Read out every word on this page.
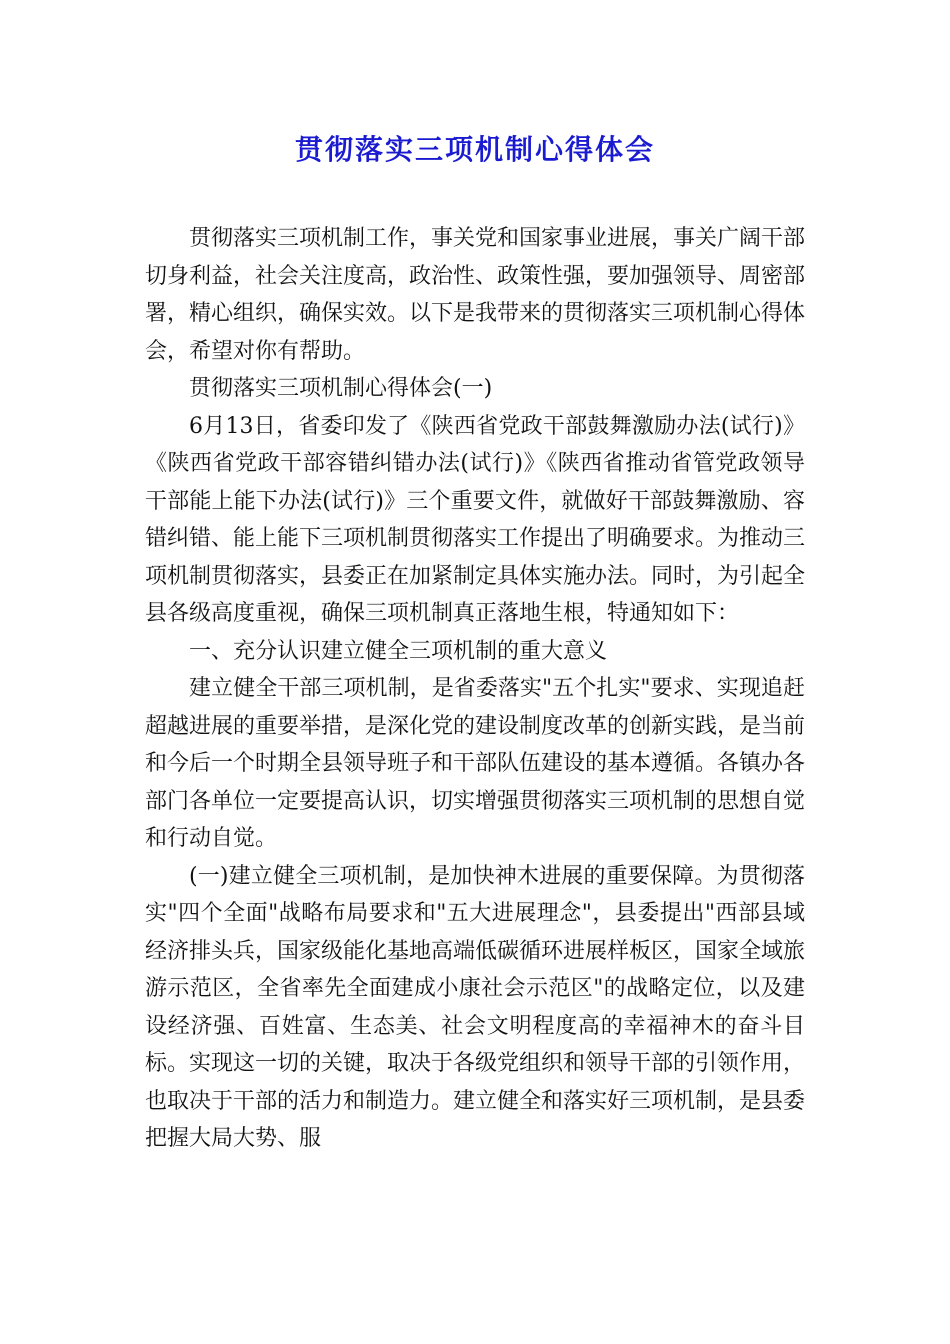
贯彻落实三项机制心得体会

贯彻落实三项机制工作，事关党和国家事业进展，事关广阔干部切身利益，社会关注度高，政治性、政策性强，要加强领导、周密部署，精心组织，确保实效。以下是我带来的贯彻落实三项机制心得体会，希望对你有帮助。

贯彻落实三项机制心得体会(一)

6月13日，省委印发了《陕西省党政干部鼓舞激励办法(试行)》《陕西省党政干部容错纠错办法(试行)》《陕西省推动省管党政领导干部能上能下办法(试行)》三个重要文件，就做好干部鼓舞激励、容错纠错、能上能下三项机制贯彻落实工作提出了明确要求。为推动三项机制贯彻落实，县委正在加紧制定具体实施办法。同时，为引起全县各级高度重视，确保三项机制真正落地生根，特通知如下：

一、充分认识建立健全三项机制的重大意义

建立健全干部三项机制，是省委落实"五个扎实"要求、实现追赶超越进展的重要举措，是深化党的建设制度改革的创新实践，是当前和今后一个时期全县领导班子和干部队伍建设的基本遵循。各镇办各部门各单位一定要提高认识，切实增强贯彻落实三项机制的思想自觉和行动自觉。

(一)建立健全三项机制，是加快神木进展的重要保障。为贯彻落实"四个全面"战略布局要求和"五大进展理念"，县委提出"西部县域经济排头兵，国家级能化基地高端低碳循环进展样板区，国家全域旅游示范区，全省率先全面建成小康社会示范区"的战略定位，以及建设经济强、百姓富、生态美、社会文明程度高的幸福神木的奋斗目标。实现这一切的关键，取决于各级党组织和领导干部的引领作用，也取决于干部的活力和制造力。建立健全和落实好三项机制，是县委把握大局大势、服
